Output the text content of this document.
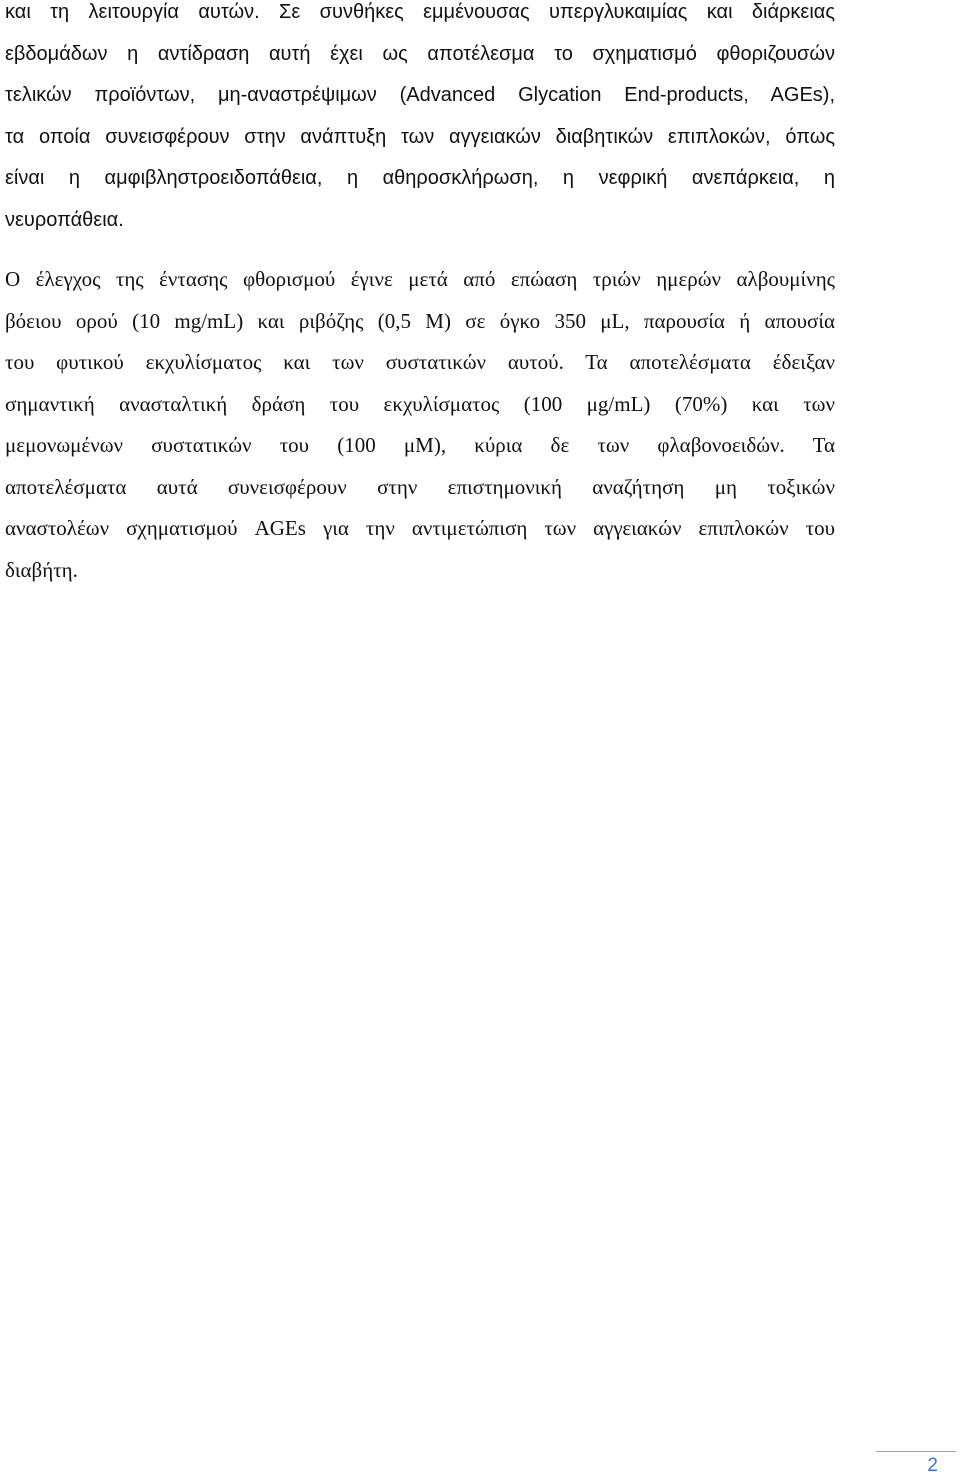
και τη λειτουργία αυτών. Σε συνθήκες εμμένουσας υπεργλυκαιμίας και διάρκειας
εβδομάδων η αντίδραση αυτή έχει ως αποτέλεσμα το σχηματισμό φθοριζουσών
τελικών προϊόντων, μη-αναστρέψιμων (Advanced Glycation End-products, AGEs),
τα οποία συνεισφέρουν στην ανάπτυξη των αγγειακών διαβητικών επιπλοκών, όπως
είναι η αμφιβληστροειδοπάθεια, η αθηροσκλήρωση, η νεφρική ανεπάρκεια, η
νευροπάθεια.
Ο έλεγχος της έντασης φθορισμού έγινε μετά από επώαση τριών ημερών αλβουμίνης
βόειου ορού (10 mg/mL) και ριβόζης (0,5 M) σε όγκο 350 μL, παρουσία ή απουσία
του φυτικού εκχυλίσματος και των συστατικών αυτού. Τα αποτελέσματα έδειξαν
σημαντική ανασταλτική δράση του εκχυλίσματος (100 μg/mL) (70%) και των
μεμονωμένων συστατικών του (100 μM), κύρια δε των φλαβονοειδών. Τα
αποτελέσματα αυτά συνεισφέρουν στην επιστημονική αναζήτηση μη τοξικών
αναστολέων σχηματισμού AGEs για την αντιμετώπιση των αγγειακών επιπλοκών του
διαβήτη.
2
